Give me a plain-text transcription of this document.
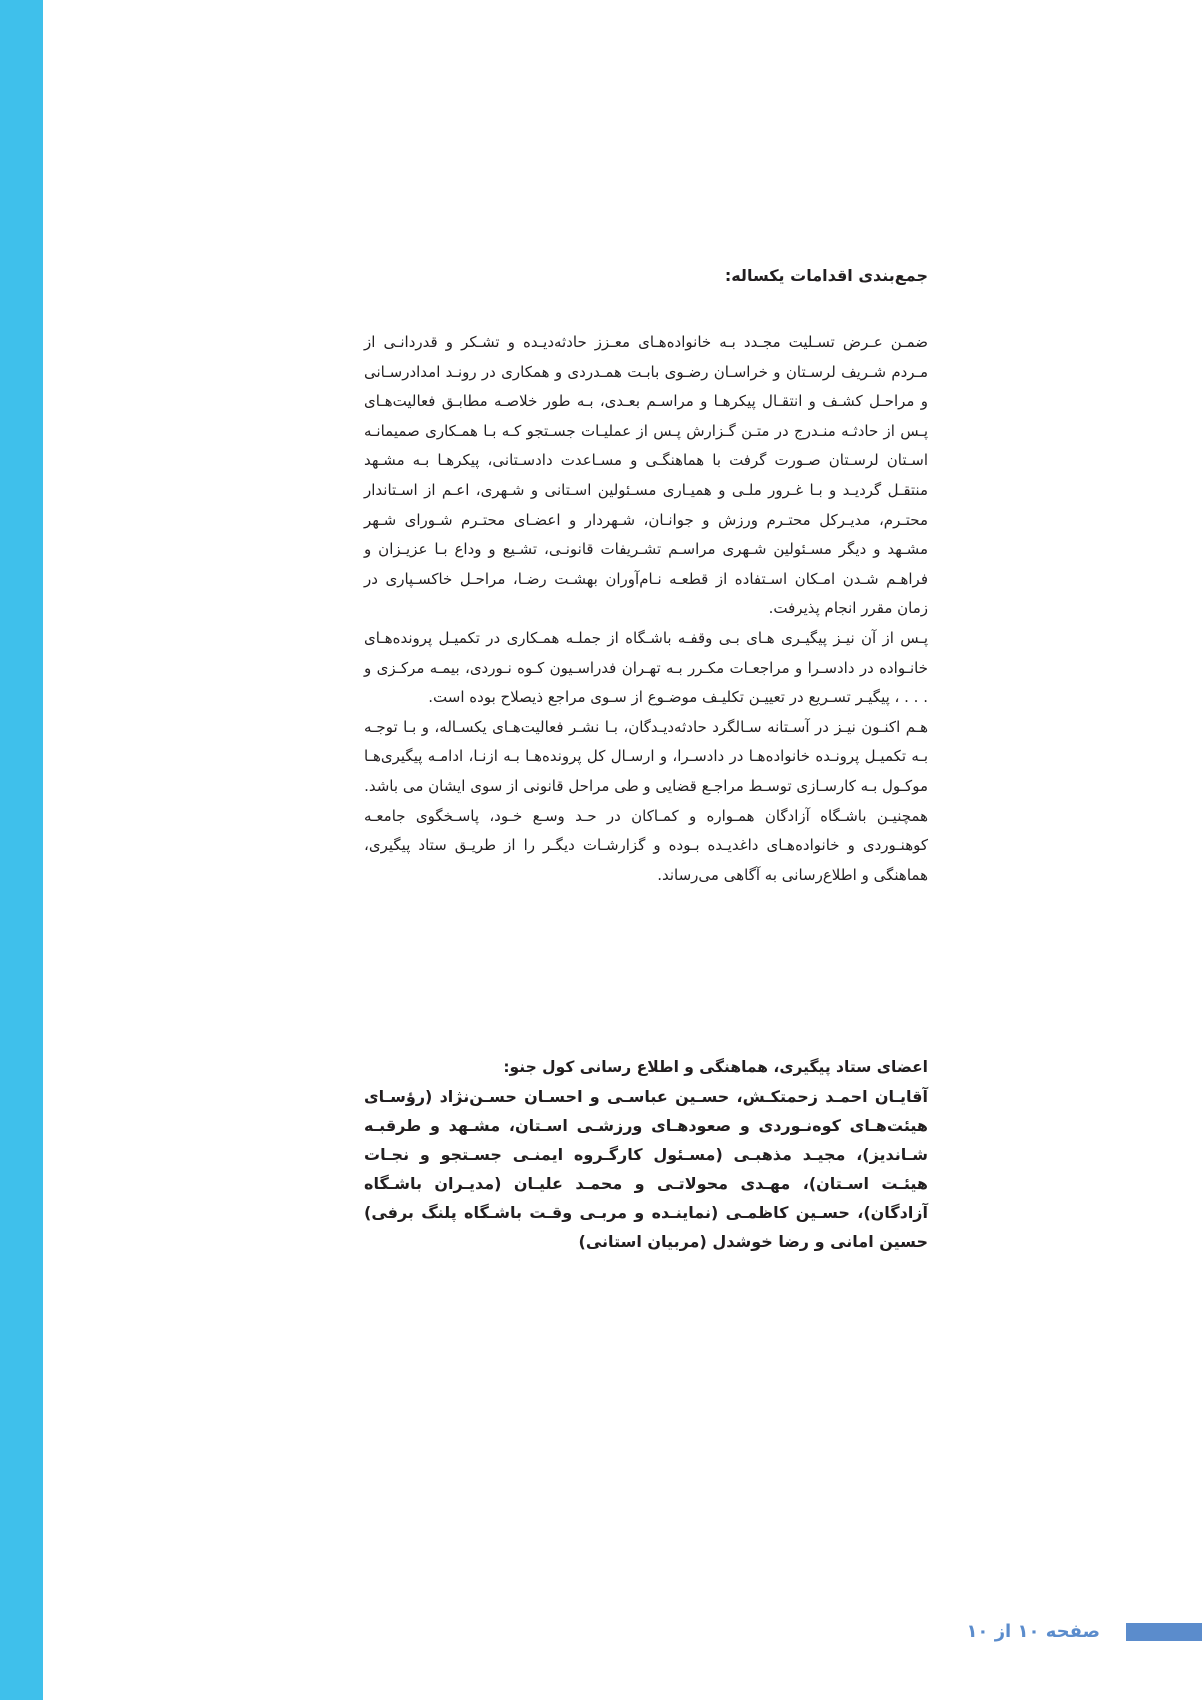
جمع‌بندی اقدامات یکساله:

ضمـن عـرض تسـلیت مجـدد بـه خانواده‌هـای معـزز حادثه‌دیـده و تشـکر و قدردانـی از مـردم شـریف لرسـتان و خراسـان رضـوی بابـت همـدردی و همکاری در رونـد امدادرسـانی و مراحـل کشـف و انتقـال پیکرهـا و مراسـم بعـدی، بـه طور خلاصـه مطابـق فعالیت‌هـای پـس از حادثـه منـدرج در متـن گـزارش پـس از عملیـات جسـتجو کـه بـا همـکاری صمیمانـه اسـتان لرسـتان صـورت گرفت با هماهنگـی و مسـاعدت دادسـتانی، پیکرهـا بـه مشـهد منتقـل گردیـد و بـا غـرور ملـی و همیـاری مسـئولین اسـتانی و شـهری، اعـم از اسـتاندار محتـرم، مدیـرکل محتـرم ورزش و جوانـان، شـهردار و اعضـای محتـرم شـورای شـهر مشـهد و دیگر مسـئولین شـهری مراسـم تشـریفات قانونـی، تشـیع و وداع بـا عزیـزان و فراهـم شـدن امـکان اسـتفاده از قطعـه نـام‌آوران بهشـت رضـا، مراحـل خاکسـپاری در زمان مقرر انجام پذیرفت.

پـس از آن نیـز پیگیـری هـای بـی وقفـه باشـگاه از جملـه همـکاری در تکمیـل پرونده‌هـای خانـواده در دادسـرا و مراجعـات مکـرر بـه تهـران فدراسـیون کـوه نـوردی، بیمـه مرکـزی و . . . ، پیگیـر تسـریع در تعییـن تکلیـف موضـوع از سـوی مراجع ذیصلاح بوده است.

هـم اکنـون نیـز در آسـتانه سـالگرد حادثه‌دیـدگان، بـا نشـر فعالیت‌هـای یکسـاله، و بـا توجـه بـه تکمیـل پرونـده خانواده‌هـا در دادسـرا، و ارسـال کل پرونده‌هـا بـه ازنـا، ادامـه پیگیری‌هـا موکـول بـه کارسـازی توسـط مراجـع قضایی و طی مراحل قانونی از سوی ایشان می باشد.

همچنیـن باشـگاه آزادگان همـواره و کمـاکان در حـد وسـع خـود، پاسـخگوی جامعـه کوهنـوردی و خانواده‌هـای داغدیـده بـوده و گزارشـات دیگـر را از طریـق ستاد پیگیری، هماهنگی و اطلاع‌رسانی به آگاهی می‌رساند.

اعضای ستاد پیگیری، هماهنگی و اطلاع رسانی کول جنو:

آقایـان احمـد زحمتکـش، حسـین عباسـی و احسـان حسـن‌نژاد (رؤسـای هیئت‌هـای کوه‌نـوردی و صعودهـای ورزشـی اسـتان، مشـهد و طرقبـه شـاندیز)، مجیـد مذهبـی (مسـئول کارگـروه ایمنـی جسـتجو و نجـات هیئـت اسـتان)، مهـدی محولاتـی و محمـد علیـان (مدیـران باشـگاه آزادگان)، حسـین کاظمـی (نماینـده و مربـی وقـت باشـگاه پلنگ برفی) حسین امانی و رضا خوشدل (مربیان استانی)

صفحه ۱۰ از ۱۰
